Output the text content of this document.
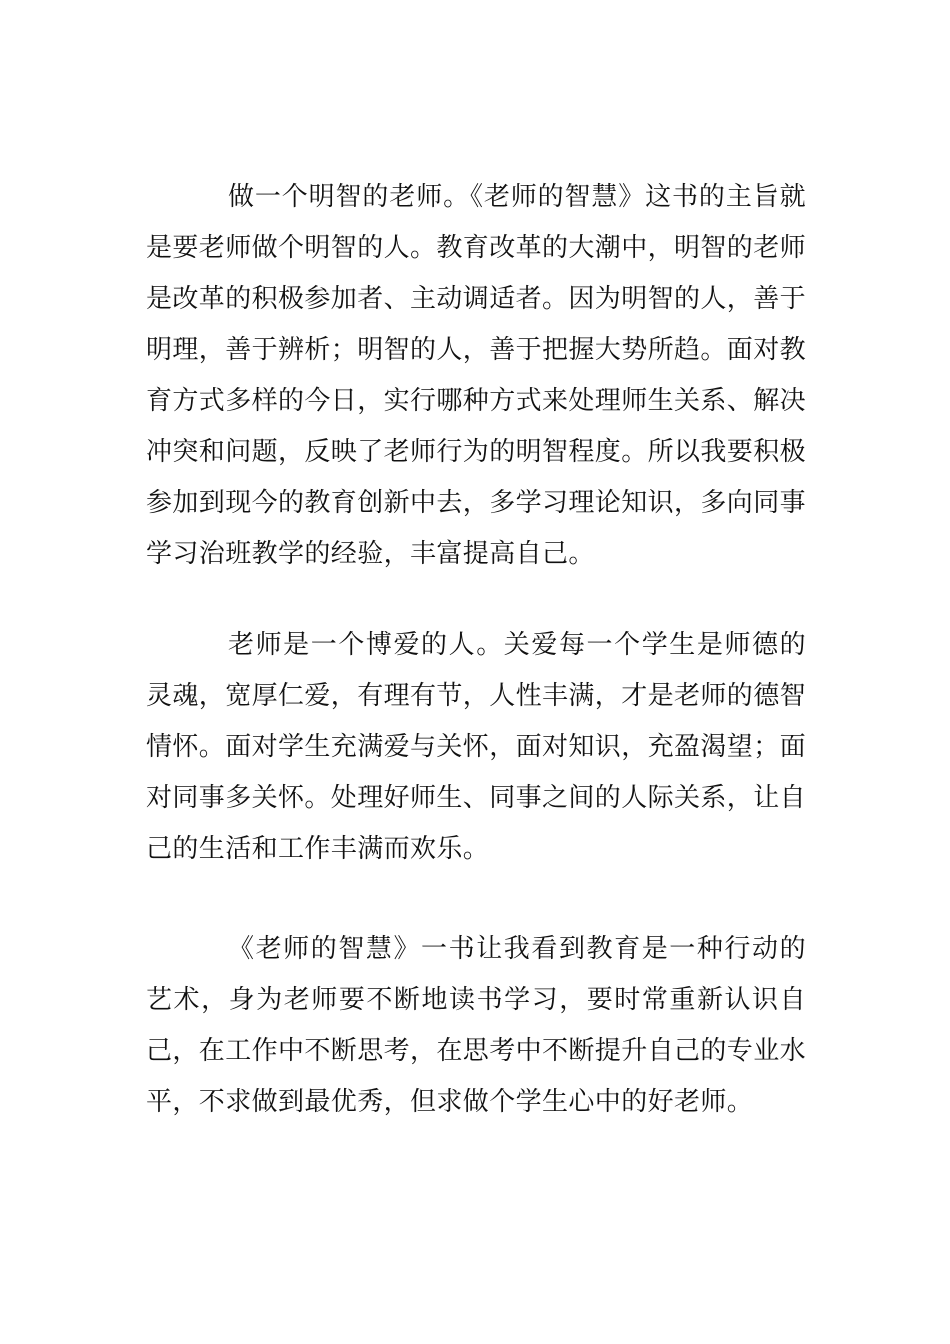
做一个明智的老师。《老师的智慧》这书的主旨就是要老师做个明智的人。教育改革的大潮中，明智的老师是改革的积极参加者、主动调适者。因为明智的人，善于明理，善于辨析；明智的人，善于把握大势所趋。面对教育方式多样的今日，实行哪种方式来处理师生关系、解决冲突和问题，反映了老师行为的明智程度。所以我要积极参加到现今的教育创新中去，多学习理论知识，多向同事学习治班教学的经验，丰富提高自己。

老师是一个博爱的人。关爱每一个学生是师德的灵魂，宽厚仁爱，有理有节，人性丰满，才是老师的德智情怀。面对学生充满爱与关怀，面对知识，充盈渴望；面对同事多关怀。处理好师生、同事之间的人际关系，让自己的生活和工作丰满而欢乐。

《老师的智慧》一书让我看到教育是一种行动的艺术，身为老师要不断地读书学习，要时常重新认识自己，在工作中不断思考，在思考中不断提升自己的专业水平，不求做到最优秀，但求做个学生心中的好老师。
